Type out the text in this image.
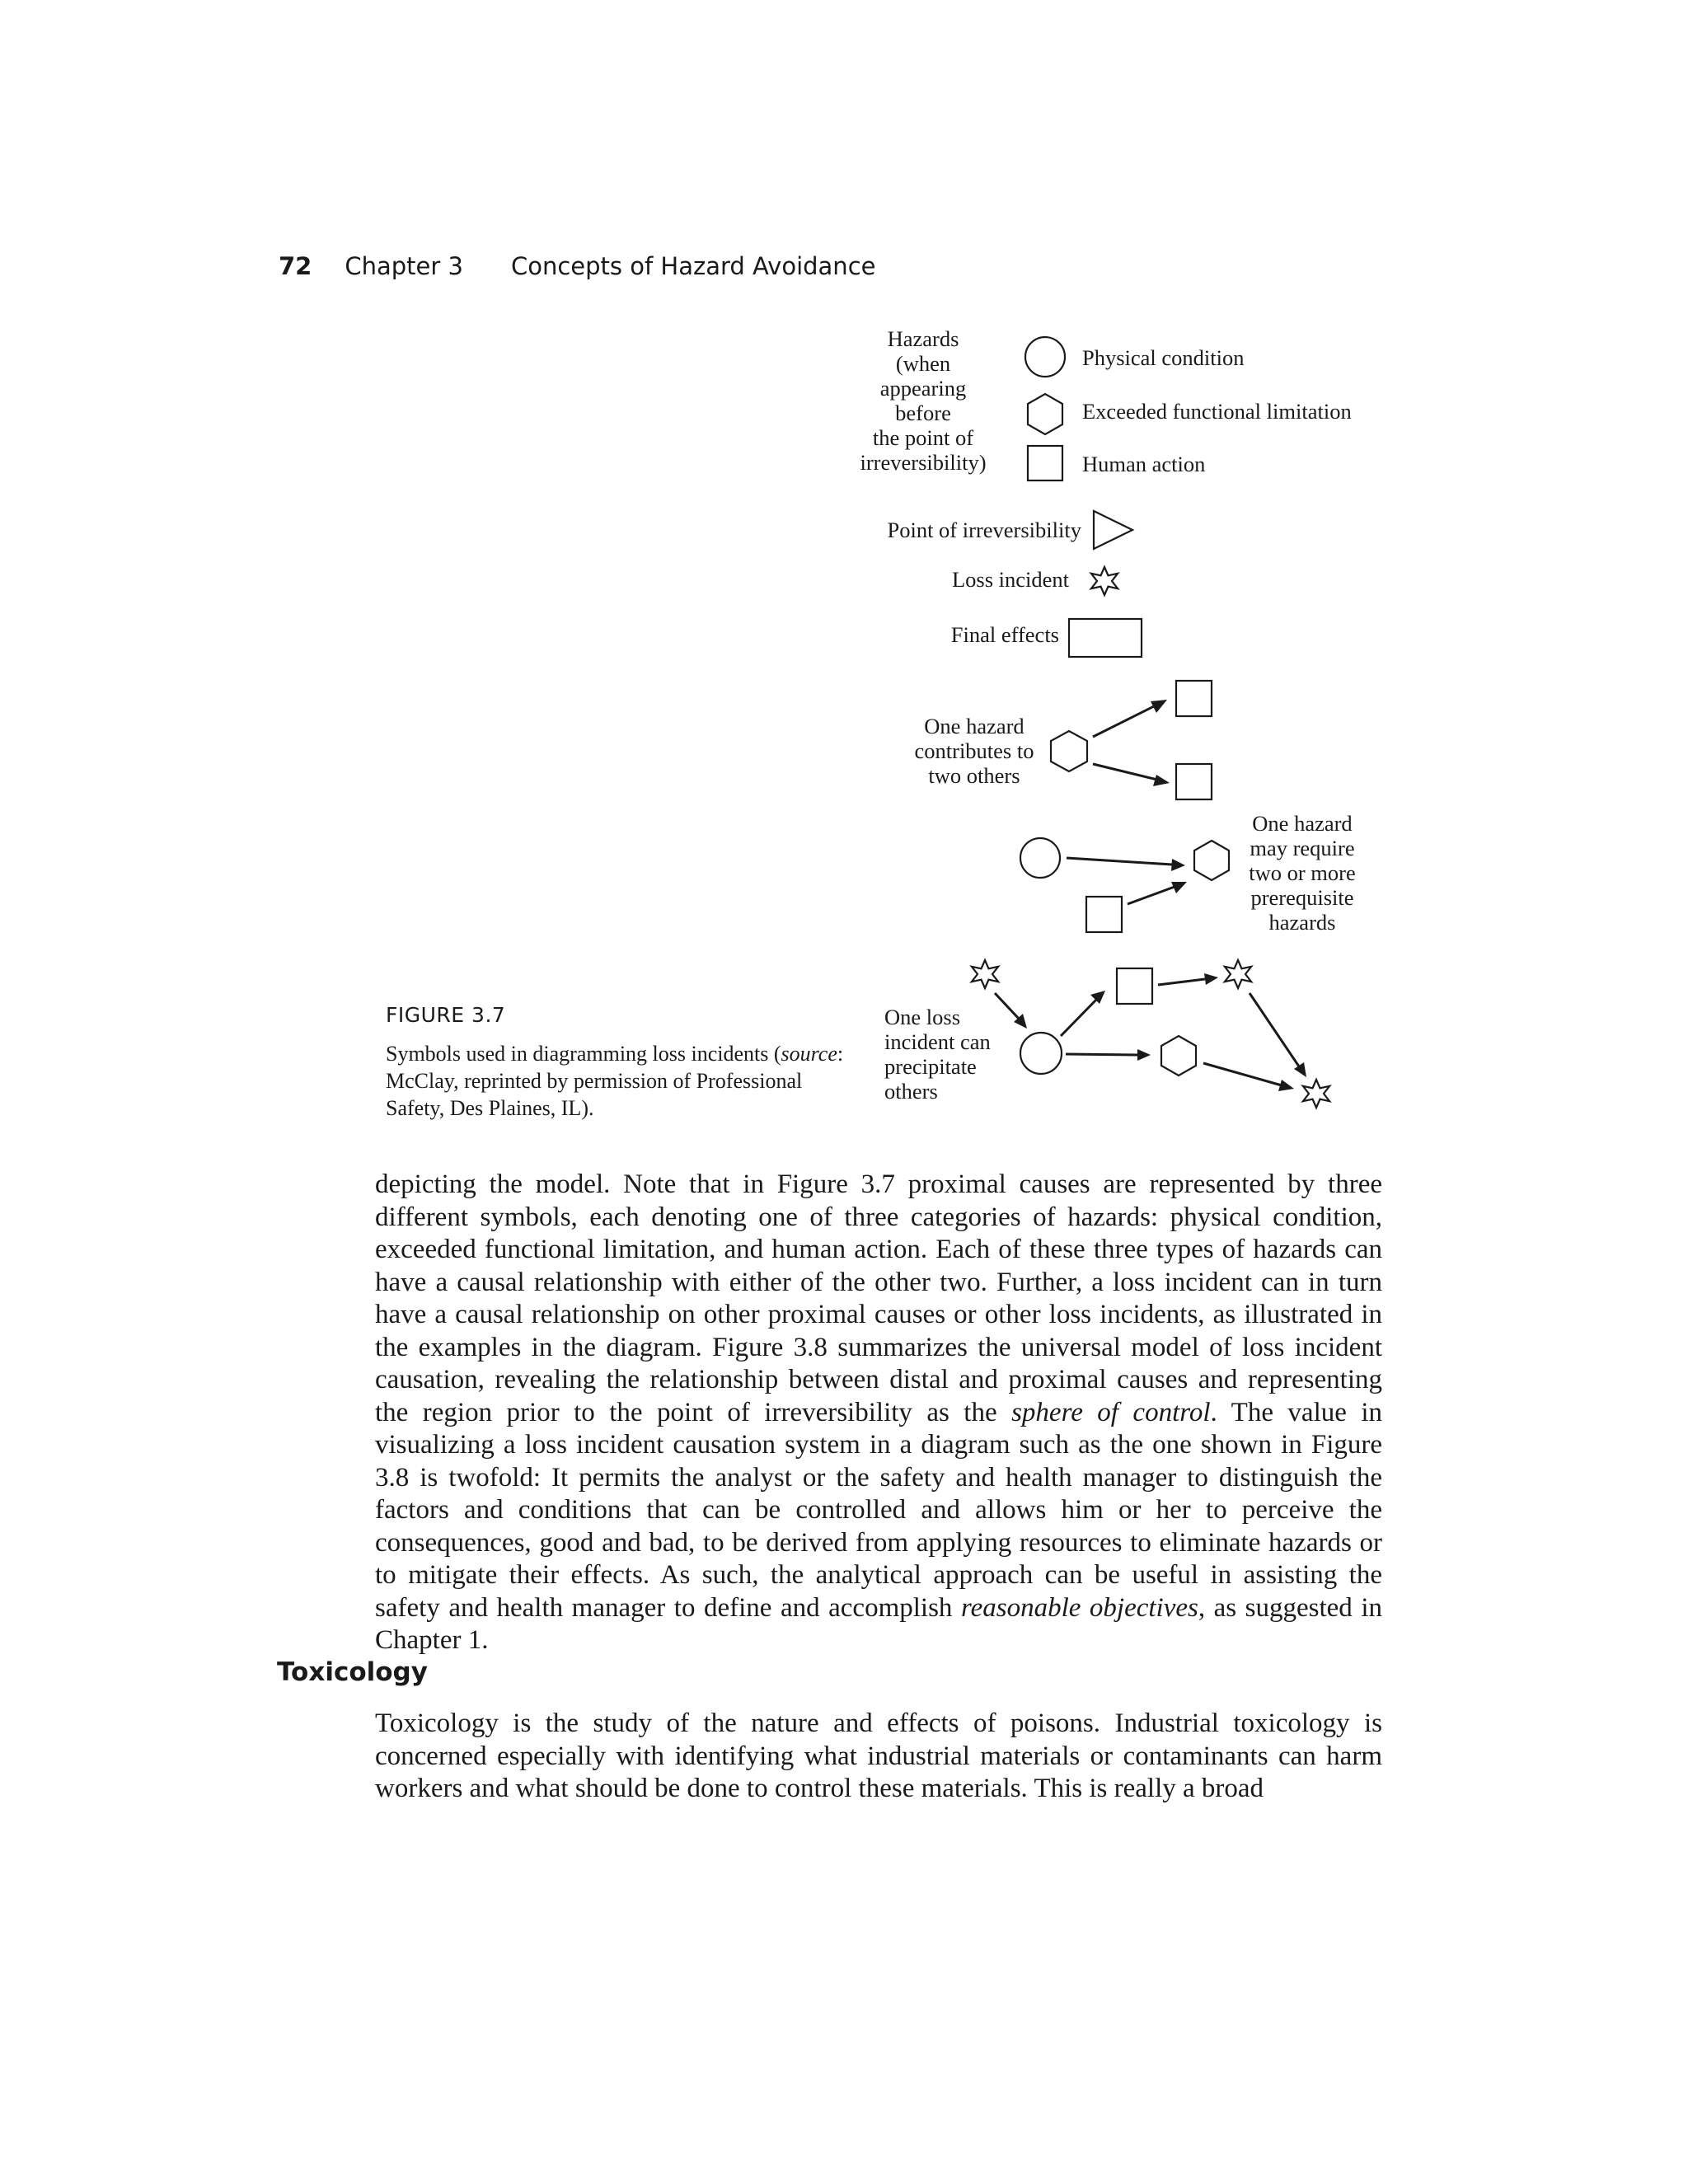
72 Chapter 3 Concepts of Hazard Avoidance
Hazards
(when
appearing
before
the point of
irreversibility)
Physical condition
Exceeded functional limitation
Human action
Point of irreversibility
Loss incident
Final effects
One hazard
contributes to
two others
One hazard
may require
two or more
prerequisite
hazards
One loss
incident can
precipitate
others
FIGURE 3.7
Symbols used in diagramming loss incidents (source: McClay, reprinted by permission of Professional Safety, Des Plaines, IL).

depicting the model. Note that in Figure 3.7 proximal causes are represented by three different symbols, each denoting one of three categories of hazards: physical condition, exceeded functional limitation, and human action. Each of these three types of hazards can have a causal relationship with either of the other two. Further, a loss incident can in turn have a causal relationship on other proximal causes or other loss incidents, as illustrated in the examples in the diagram. Figure 3.8 summarizes the universal model of loss incident causation, revealing the relationship between distal and proximal causes and representing the region prior to the point of irreversibility as the sphere of control. The value in visualizing a loss incident causation system in a diagram such as the one shown in Figure 3.8 is twofold: It permits the analyst or the safety and health manager to distinguish the factors and conditions that can be controlled and allows him or her to perceive the consequences, good and bad, to be derived from applying resources to eliminate hazards or to mitigate their effects. As such, the analytical approach can be useful in assisting the safety and health manager to define and accomplish reasonable objectives, as suggested in Chapter 1.

Toxicology

Toxicology is the study of the nature and effects of poisons. Industrial toxicology is concerned especially with identifying what industrial materials or contaminants can harm workers and what should be done to control these materials. This is really a broad
